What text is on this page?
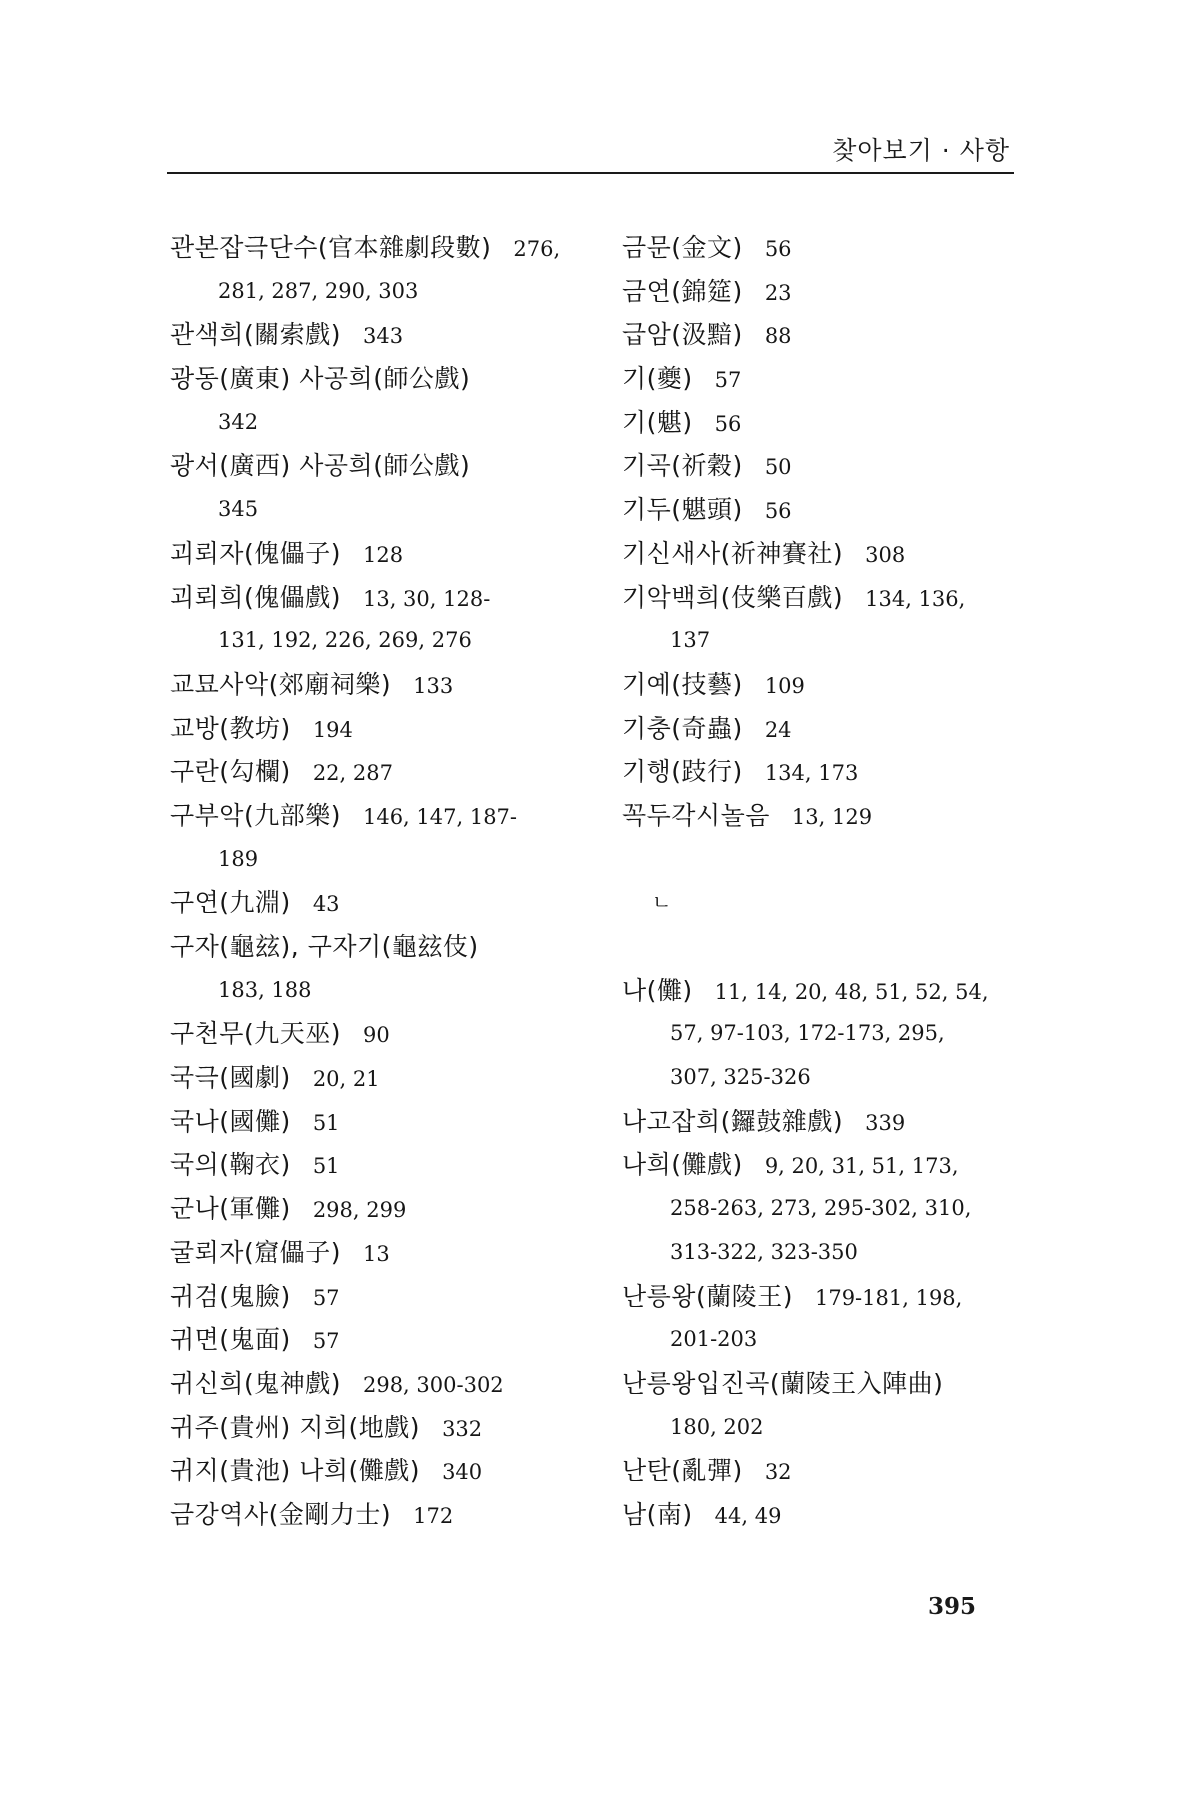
찾아보기 · 사항
관본잡극단수(官本雜劇段數) 276,
281, 287, 290, 303
관색희(關索戲) 343
광동(廣東) 사공희(師公戲)
342
광서(廣西) 사공희(師公戲)
345
괴뢰자(傀儡子) 128
괴뢰희(傀儡戲) 13, 30, 128-
131, 192, 226, 269, 276
교묘사악(郊廟祠樂) 133
교방(教坊) 194
구란(勾欄) 22, 287
구부악(九部樂) 146, 147, 187-
189
구연(九淵) 43
구자(龜玆), 구자기(龜玆伎)
183, 188
구천무(九天巫) 90
국극(國劇) 20, 21
국나(國儺) 51
국의(鞠衣) 51
군나(軍儺) 298, 299
굴뢰자(窟儡子) 13
귀검(鬼臉) 57
귀면(鬼面) 57
귀신희(鬼神戲) 298, 300-302
귀주(貴州) 지희(地戲) 332
귀지(貴池) 나희(儺戲) 340
금강역사(金剛力士) 172
금문(金文) 56
금연(錦筵) 23
급암(汲黯) 88
기(夔) 57
기(魌) 56
기곡(祈穀) 50
기두(魌頭) 56
기신새사(祈神賽社) 308
기악백희(伎樂百戲) 134, 136,
137
기예(技藝) 109
기충(奇蟲) 24
기행(跂行) 134, 173
꼭두각시놀음 13, 129
ㄴ
나(儺) 11, 14, 20, 48, 51, 52, 54,
57, 97-103, 172-173, 295,
307, 325-326
나고잡희(鑼鼓雜戲) 339
나희(儺戲) 9, 20, 31, 51, 173,
258-263, 273, 295-302, 310,
313-322, 323-350
난릉왕(蘭陵王) 179-181, 198,
201-203
난릉왕입진곡(蘭陵王入陣曲)
180, 202
난탄(亂彈) 32
남(南) 44, 49
395
